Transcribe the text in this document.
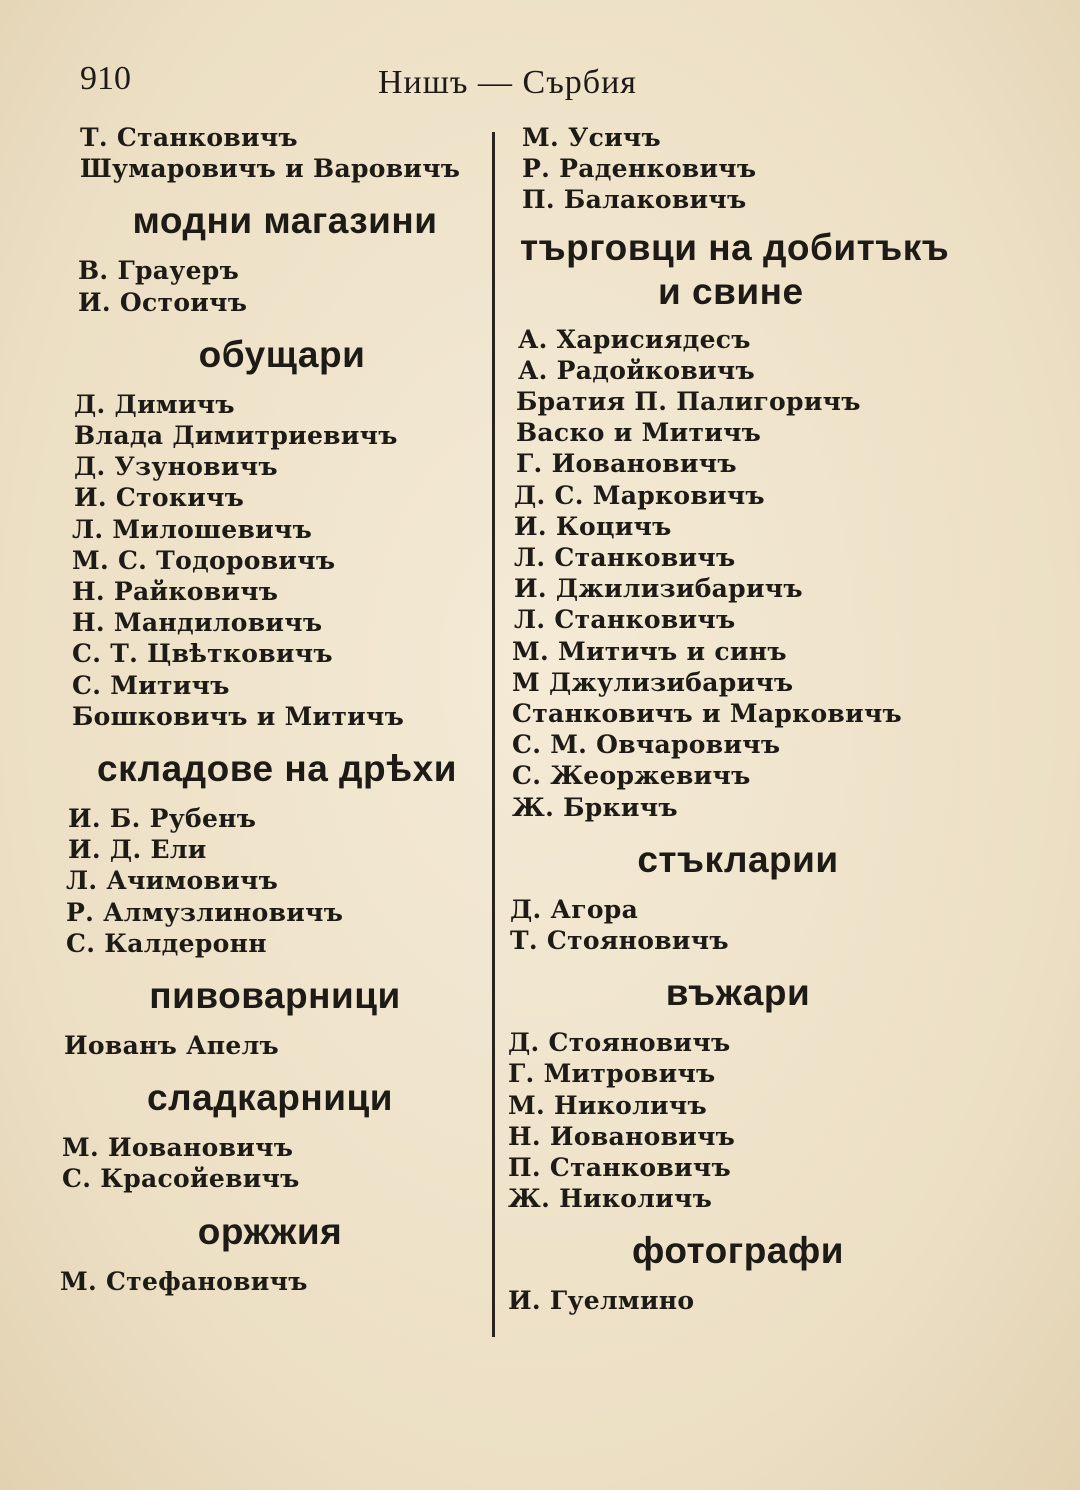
910	Нишъ — Сърбия
Т. Станковичъ
Шумаровичъ и Варовичъ
модни магазини
В. Грауеръ
И. Остоичъ
обущари
Д. Димичъ
Влада Димитриевичъ
Д. Узуновичъ
И. Стокичъ
Л. Милошевичъ
М. С. Тодоровичъ
Н. Райковичъ
Н. Мандиловичъ
С. Т. Цвѣтковичъ
С. Митичъ
Бошковичъ и Митичъ
складове на дрѣхи
И. Б. Рубенъ
И. Д. Ели
Л. Ачимовичъ
Р. Алмузлиновичъ
С. Калдеронн
пивоварници
Иованъ Апелъ
сладкарници
М. Иовановичъ
С. Красойевичъ
оржжия
М. Стефановичъ
М. Усичъ
Р. Раденковичъ
П. Балаковичъ
търговци на добитъкъ
и свине
А. Харисиядесъ
А. Радойковичъ
Братия П. Палигоричъ
Васко и Митичъ
Г. Иовановичъ
Д. С. Марковичъ
И. Коцичъ
Л. Станковичъ
И. Джилизибаричъ
Л. Станковичъ
М. Митичъ и синъ
М Джулизибаричъ
Станковичъ и Марковичъ
С. М. Овчаровичъ
С. Жеоржевичъ
Ж. Бркичъ
стъклaрии
Д. Агора
Т. Стояновичъ
въжари
Д. Стояновичъ
Г. Митровичъ
М. Николичъ
Н. Иовановичъ
П. Станковичъ
Ж. Николичъ
фотографи
И. Гуелмино
